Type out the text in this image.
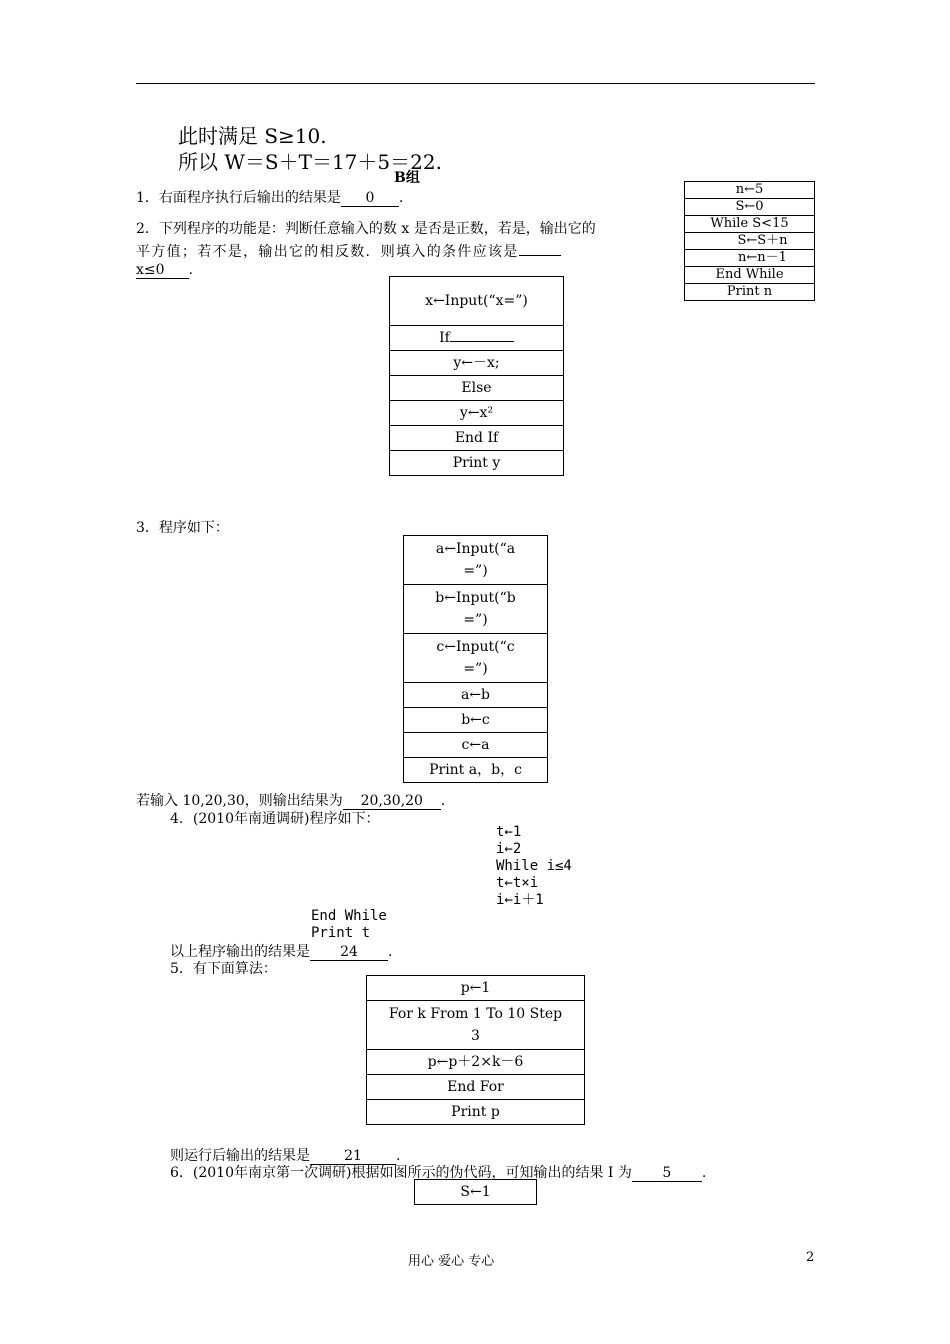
此时满足 S≥10.
所以 W＝S＋T＝17＋5＝22.
B组
1．右面程序执行后输出的结果是 0 .
n←5
S←0
While S<15
S←S＋n
n←n－1
End While
Print n
2．下列程序的功能是：判断任意输入的数 x 是否是正数，若是，输出它的
平方值；若不是，输出它的相反数．则填入的条件应该是
x≤0 .
x←Input(“x=”)
If
y←－x;
Else
y←x²
End If
Print y
3．程序如下：
a←Input(“a
=”)

b←Input(“b
=”)

c←Input(“c
=”)

a←b
b←c
c←a
Print a，b，c
若输入 10,20,30，则输出结果为 20,30,20 .
4．(2010年南通调研)程序如下：
t←1
i←2
While i≤4
t←t×i
i←i＋1
End While
Print t
以上程序输出的结果是 24 .
5．有下面算法：
p←1

For k From 1 To 10 Step
3

p←p＋2×k－6
End For
Print p
则运行后输出的结果是 21 .
6．(2010年南京第一次调研)根据如图所示的伪代码，可知输出的结果 I 为 5 .
S←1
用心 爱心 专心	2
